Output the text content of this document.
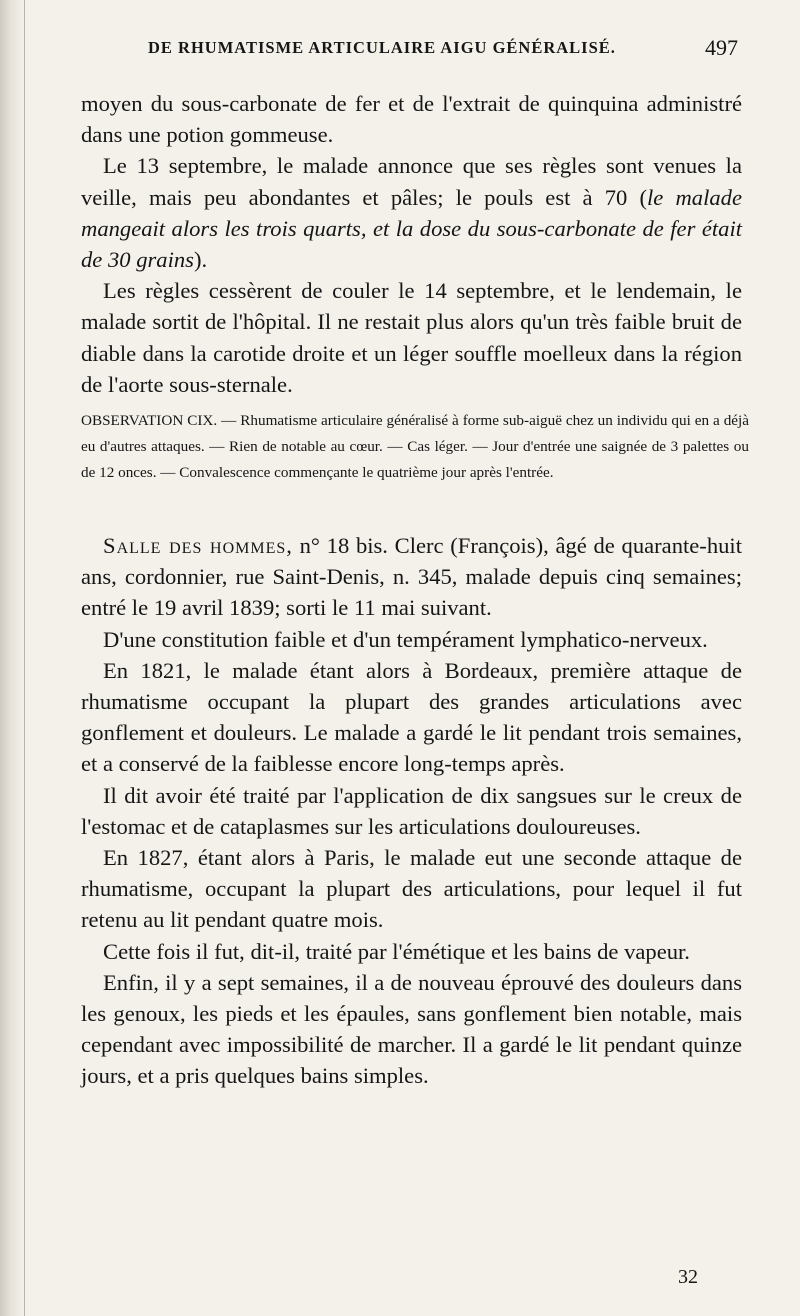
DE RHUMATISME ARTICULAIRE AIGU GÉNÉRALISÉ.	497

moyen du sous-carbonate de fer et de l'extrait de quinquina administré dans une potion gommeuse.

Le 13 septembre, le malade annonce que ses règles sont venues la veille, mais peu abondantes et pâles; le pouls est à 70 (le malade mangeait alors les trois quarts, et la dose du sous-carbonate de fer était de 30 grains).

Les règles cessèrent de couler le 14 septembre, et le lendemain, le malade sortit de l'hôpital. Il ne restait plus alors qu'un très faible bruit de diable dans la carotide droite et un léger souffle moelleux dans la région de l'aorte sous-sternale.

OBSERVATION CIX. — Rhumatisme articulaire généralisé à forme sub-aiguë chez un individu qui en a déjà eu d'autres attaques. — Rien de notable au cœur. — Cas léger. — Jour d'entrée une saignée de 3 palettes ou de 12 onces. — Convalescence commençante le quatrième jour après l'entrée.

Salle des hommes, n° 18 bis. Clerc (François), âgé de quarante-huit ans, cordonnier, rue Saint-Denis, n. 345, malade depuis cinq semaines; entré le 19 avril 1839; sorti le 11 mai suivant.

D'une constitution faible et d'un tempérament lymphatico-nerveux.

En 1821, le malade étant alors à Bordeaux, première attaque de rhumatisme occupant la plupart des grandes articulations avec gonflement et douleurs. Le malade a gardé le lit pendant trois semaines, et a conservé de la faiblesse encore long-temps après.

Il dit avoir été traité par l'application de dix sangsues sur le creux de l'estomac et de cataplasmes sur les articulations douloureuses.

En 1827, étant alors à Paris, le malade eut une seconde attaque de rhumatisme, occupant la plupart des articulations, pour lequel il fut retenu au lit pendant quatre mois.

Cette fois il fut, dit-il, traité par l'émétique et les bains de vapeur.

Enfin, il y a sept semaines, il a de nouveau éprouvé des douleurs dans les genoux, les pieds et les épaules, sans gonflement bien notable, mais cependant avec impossibilité de marcher. Il a gardé le lit pendant quinze jours, et a pris quelques bains simples.

32
